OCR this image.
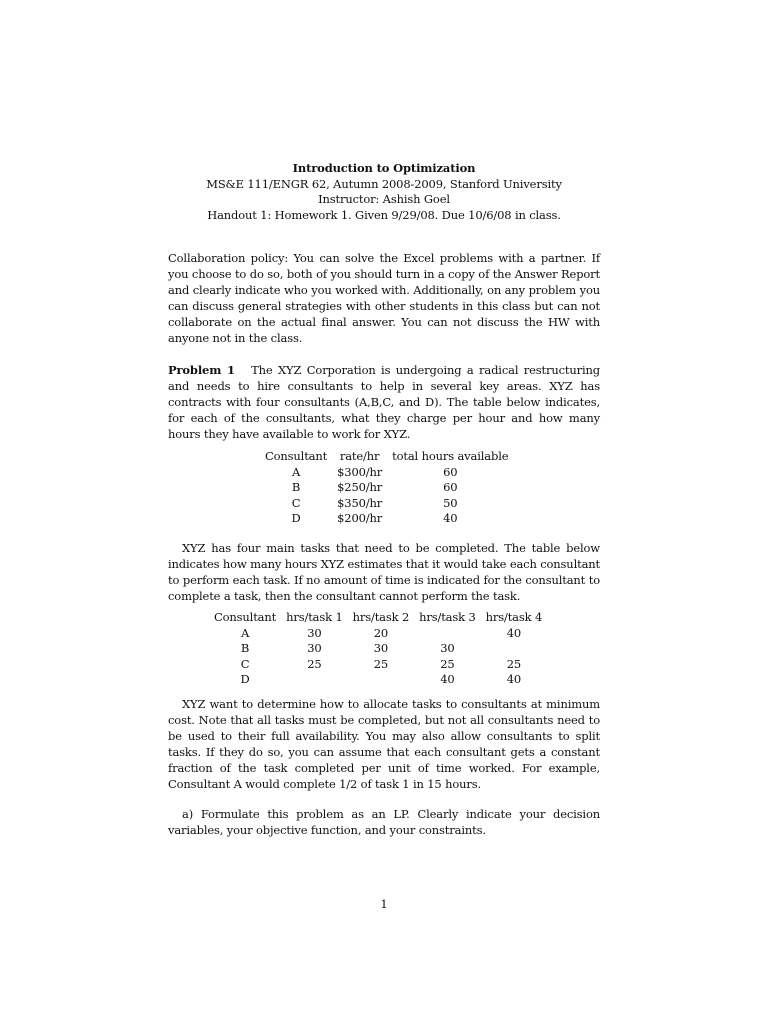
Introduction to Optimization
MS&E 111/ENGR 62, Autumn 2008-2009, Stanford University
Instructor: Ashish Goel
Handout 1: Homework 1. Given 9/29/08. Due 10/6/08 in class.

Collaboration policy: You can solve the Excel problems with a partner. If you choose to do so, both of you should turn in a copy of the Answer Report and clearly indicate who you worked with. Additionally, on any problem you can discuss general strategies with other students in this class but can not collaborate on the actual final answer. You can not discuss the HW with anyone not in the class.

Problem 1 The XYZ Corporation is undergoing a radical restructuring and needs to hire consultants to help in several key areas. XYZ has contracts with four consultants (A,B,C, and D). The table below indicates, for each of the consultants, what they charge per hour and how many hours they have available to work for XYZ.

Consultant	rate/hr	total hours available
A	$300/hr	60
B	$250/hr	60
C	$350/hr	50
D	$200/hr	40

XYZ has four main tasks that need to be completed. The table below indicates how many hours XYZ estimates that it would take each consultant to perform each task. If no amount of time is indicated for the consultant to complete a task, then the consultant cannot perform the task.

Consultant	hrs/task 1	hrs/task 2	hrs/task 3	hrs/task 4
A	30	20		40
B	30	30	30	
C	25	25	25	25
D			40	40

XYZ want to determine how to allocate tasks to consultants at minimum cost. Note that all tasks must be completed, but not all consultants need to be used to their full availability. You may also allow consultants to split tasks. If they do so, you can assume that each consultant gets a constant fraction of the task completed per unit of time worked. For example, Consultant A would complete 1/2 of task 1 in 15 hours.

a) Formulate this problem as an LP. Clearly indicate your decision variables, your objective function, and your constraints.

1
